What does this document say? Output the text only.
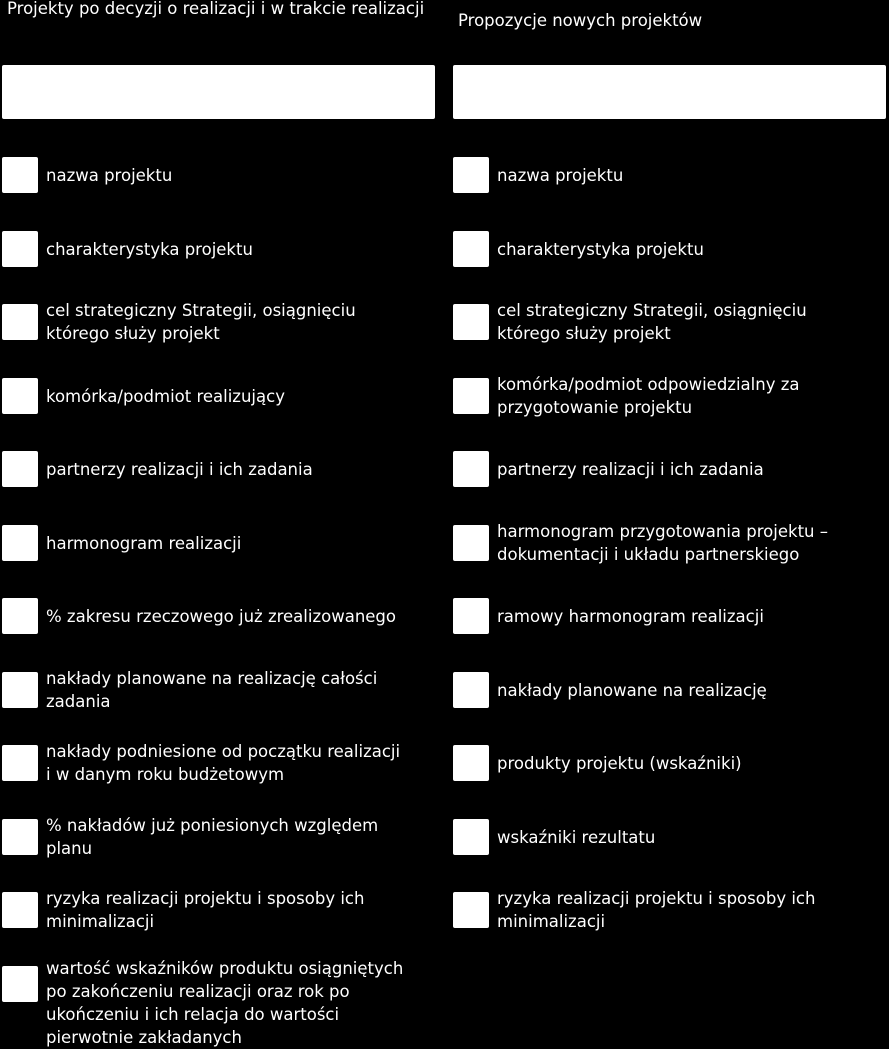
Projekty po decyzji o realizacji i w trakcie realizacji
nazwa projektu
charakterystyka projektu
cel strategiczny Strategii, osiągnięciu
którego służy projekt
komórka/podmiot realizujący
partnerzy realizacji i ich zadania
harmonogram realizacji
% zakresu rzeczowego już zrealizowanego
nakłady planowane na realizację całości
zadania
nakłady podniesione od początku realizacji
i w danym roku budżetowym
% nakładów już poniesionych względem
planu
ryzyka realizacji projektu i sposoby ich
minimalizacji
wartość wskaźników produktu osiągniętych
po zakończeniu realizacji oraz rok po
ukończeniu i ich relacja do wartości
pierwotnie zakładanych
Propozycje nowych projektów
nazwa projektu
charakterystyka projektu
cel strategiczny Strategii, osiągnięciu
którego służy projekt
komórka/podmiot odpowiedzialny za
przygotowanie projektu
partnerzy realizacji i ich zadania
harmonogram przygotowania projektu –
dokumentacji i układu partnerskiego
ramowy harmonogram realizacji
nakłady planowane na realizację
produkty projektu (wskaźniki)
wskaźniki rezultatu
ryzyka realizacji projektu i sposoby ich
minimalizacji
